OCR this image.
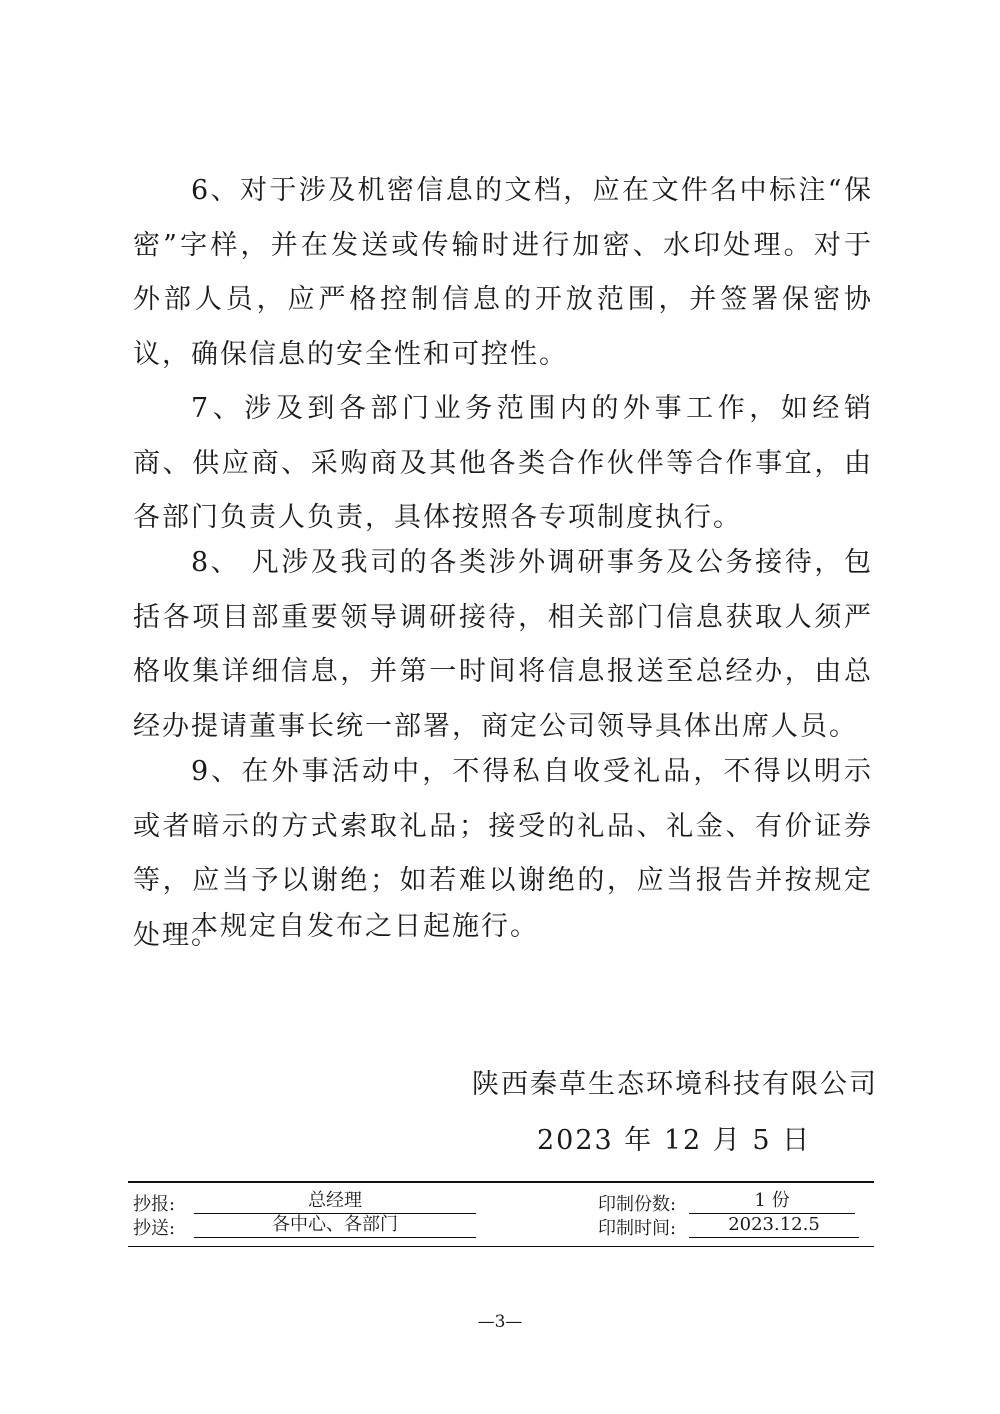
6、对于涉及机密信息的文档，应在文件名中标注“保密”字样，并在发送或传输时进行加密、水印处理。对于外部人员，应严格控制信息的开放范围，并签署保密协议，确保信息的安全性和可控性。

7、涉及到各部门业务范围内的外事工作，如经销商、供应商、采购商及其他各类合作伙伴等合作事宜，由各部门负责人负责，具体按照各专项制度执行。

8、 凡涉及我司的各类涉外调研事务及公务接待，包括各项目部重要领导调研接待，相关部门信息获取人须严格收集详细信息，并第一时间将信息报送至总经办，由总经办提请董事长统一部署，商定公司领导具体出席人员。

9、在外事活动中，不得私自收受礼品，不得以明示或者暗示的方式索取礼品；接受的礼品、礼金、有价证券等，应当予以谢绝；如若难以谢绝的，应当报告并按规定处理。

本规定自发布之日起施行。

陕西秦草生态环境科技有限公司
2023 年 12 月 5 日
抄报:	总经理	印制份数:	1 份
抄送:	各中心、各部门	印制时间:	2023.12.5
—3—
